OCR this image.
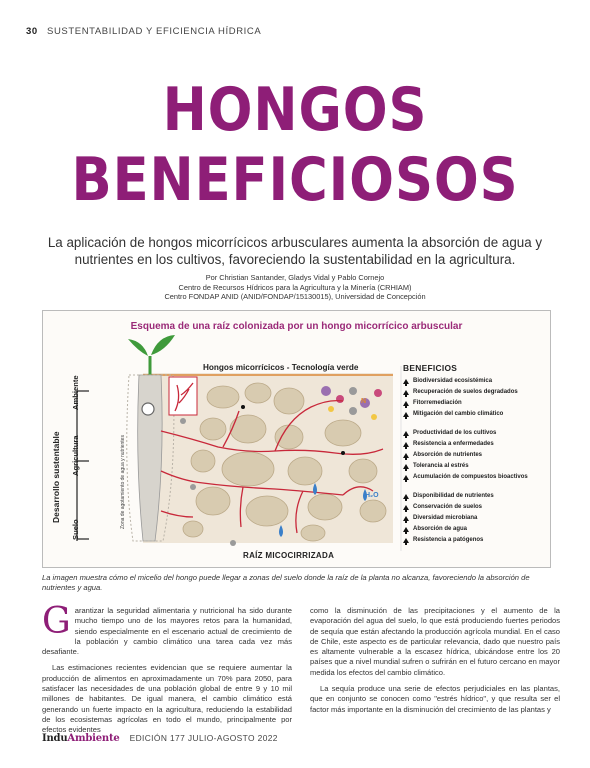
30 SUSTENTABILIDAD Y EFICIENCIA HÍDRICA
HONGOS
BENEFICIOSOS

La aplicación de hongos micorrícicos arbusculares aumenta la absorción de agua y nutrientes en los cultivos, favoreciendo la sustentabilidad en la agricultura.

Por Christian Santander, Gladys Vidal y Pablo Cornejo
Centro de Recursos Hídricos para la Agricultura y la Minería (CRHIAM)
Centro FONDAP ANID (ANID/FONDAP/15130015), Universidad de Concepción
N
H₂O
Esquema de una raíz colonizada por un hongo micorrícico arbuscular
Hongos micorrícicos - Tecnología verde
RAÍZ MICOCIRRIZADA
Desarrollo sustentable
Ambiente
Agricultura
Suelo
Zona de agotamiento de agua y nutrientes
BENEFICIOS
Biodiversidad ecosistémica
Recuperación de suelos degradados
Fitorremediación
Mitigación del cambio climático
Productividad de los cultivos
Resistencia a enfermedades
Absorción de nutrientes
Tolerancia al estrés
Acumulación de compuestos bioactivos
Disponibilidad de nutrientes
Conservación de suelos
Diversidad microbiana
Absorción de agua
Resistencia a patógenos

La imagen muestra cómo el micelio del hongo puede llegar a zonas del suelo donde la raíz de la planta no alcanza, favoreciendo la absorción de nutrientes y agua.

Garantizar la seguridad alimentaria y nutricional ha sido durante mucho tiempo uno de los mayores retos para la humanidad, siendo especialmente en el escenario actual de crecimiento de la población y cambio climático una tarea cada vez más desafiante.

Las estimaciones recientes evidencian que se requiere aumentar la producción de alimentos en aproximadamente un 70% para 2050, para satisfacer las necesidades de una población global de entre 9 y 10 mil millones de habitantes. De igual manera, el cambio climático está generando un fuerte impacto en la agricultura, reduciendo la estabilidad de los ecosistemas agrícolas en todo el mundo, principalmente por efectos evidentes

como la disminución de las precipitaciones y el aumento de la evaporación del agua del suelo, lo que está produciendo fuertes periodos de sequía que están afectando la producción agrícola mundial. En el caso de Chile, este aspecto es de particular relevancia, dado que nuestro país es altamente vulnerable a la escasez hídrica, ubicándose entre los 20 países que a nivel mundial sufren o sufrirán en el futuro cercano en mayor medida los efectos del cambio climático.

La sequía produce una serie de efectos perjudiciales en las plantas, que en conjunto se conocen como "estrés hídrico", y que resulta ser el factor más importante en la disminución del crecimiento de las plantas y

InduAmbiente EDICIÓN 177 JULIO-AGOSTO 2022
